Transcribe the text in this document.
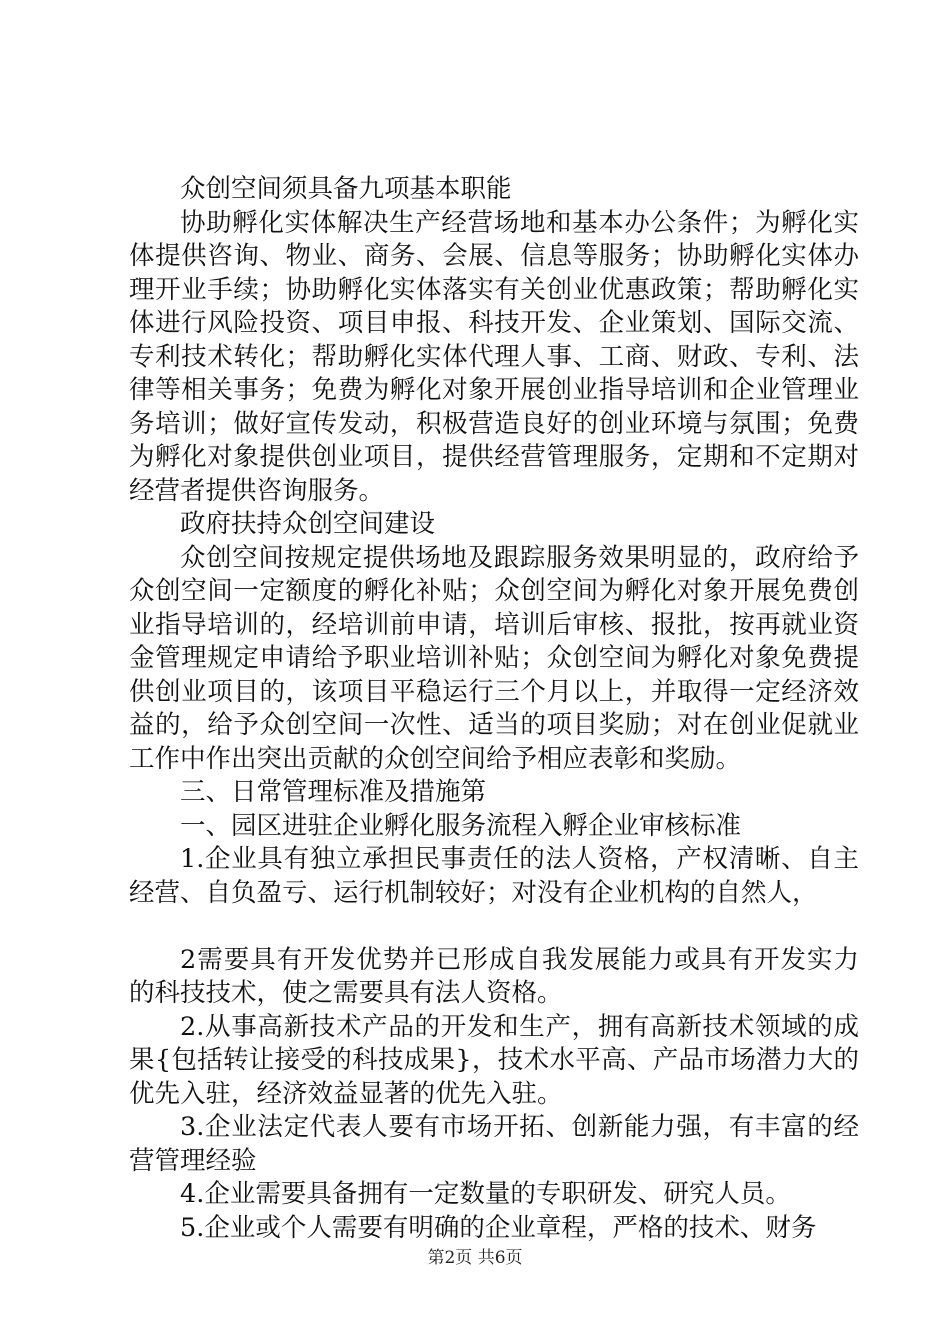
众创空间须具备九项基本职能

协助孵化实体解决生产经营场地和基本办公条件；为孵化实体提供咨询、物业、商务、会展、信息等服务；协助孵化实体办理开业手续；协助孵化实体落实有关创业优惠政策；帮助孵化实体进行风险投资、项目申报、科技开发、企业策划、国际交流、专利技术转化；帮助孵化实体代理人事、工商、财政、专利、法律等相关事务；免费为孵化对象开展创业指导培训和企业管理业务培训；做好宣传发动，积极营造良好的创业环境与氛围；免费为孵化对象提供创业项目，提供经营管理服务，定期和不定期对经营者提供咨询服务。

政府扶持众创空间建设

众创空间按规定提供场地及跟踪服务效果明显的，政府给予众创空间一定额度的孵化补贴；众创空间为孵化对象开展免费创业指导培训的，经培训前申请，培训后审核、报批，按再就业资金管理规定申请给予职业培训补贴；众创空间为孵化对象免费提供创业项目的，该项目平稳运行三个月以上，并取得一定经济效益的，给予众创空间一次性、适当的项目奖励；对在创业促就业工作中作出突出贡献的众创空间给予相应表彰和奖励。

三、日常管理标准及措施第

一、园区进驻企业孵化服务流程入孵企业审核标准

1.企业具有独立承担民事责任的法人资格，产权清晰、自主经营、自负盈亏、运行机制较好；对没有企业机构的自然人，

2需要具有开发优势并已形成自我发展能力或具有开发实力的科技技术，使之需要具有法人资格。

2.从事高新技术产品的开发和生产，拥有高新技术领域的成果{包括转让接受的科技成果}，技术水平高、产品市场潜力大的优先入驻，经济效益显著的优先入驻。

3.企业法定代表人要有市场开拓、创新能力强，有丰富的经营管理经验

4.企业需要具备拥有一定数量的专职研发、研究人员。

5.企业或个人需要有明确的企业章程，严格的技术、财务

第2页 共6页
